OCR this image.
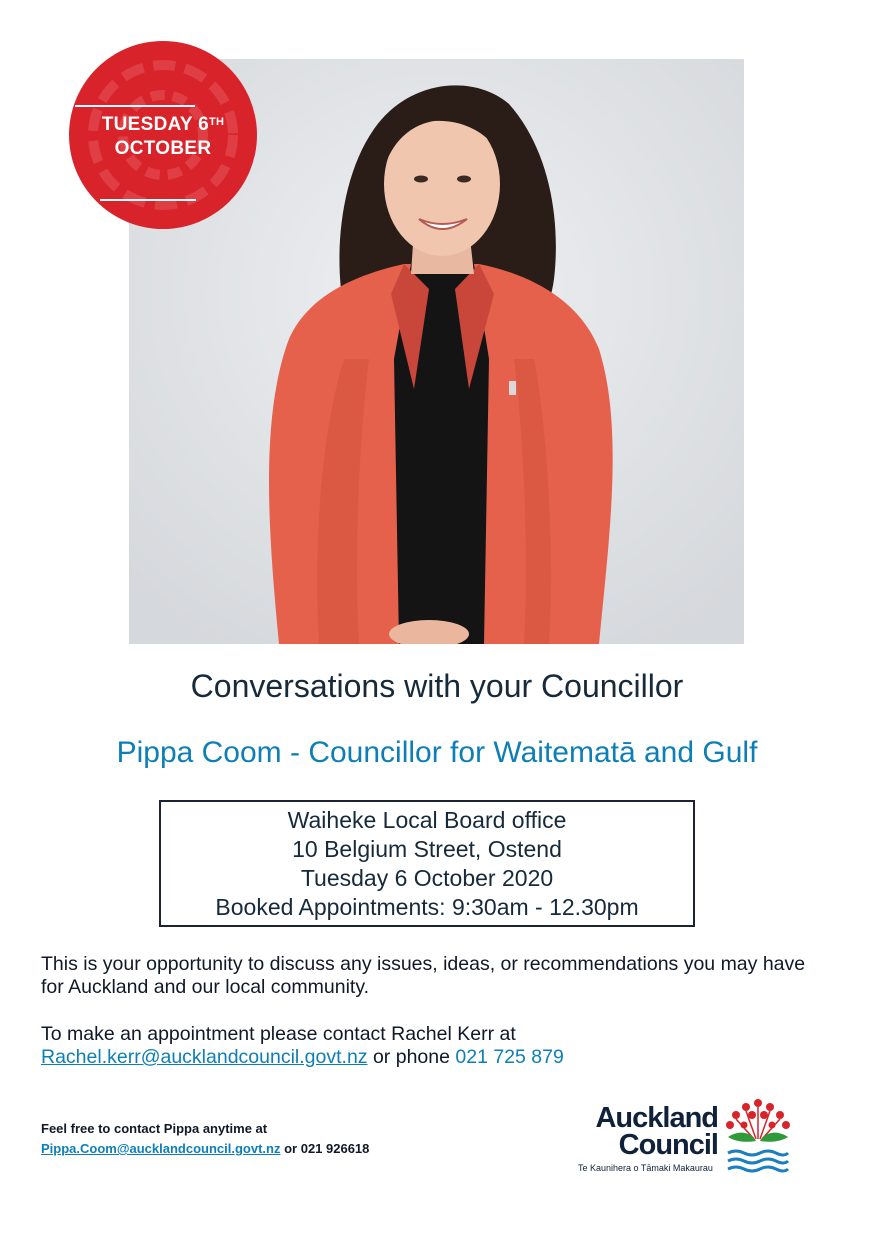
TUESDAY 6TH
OCTOBER
Conversations with your Councillor
Pippa Coom - Councillor for Waitematā and Gulf
Waiheke Local Board office
10 Belgium Street, Ostend
Tuesday 6 October 2020
Booked Appointments: 9:30am - 12.30pm

This is your opportunity to discuss any issues, ideas, or recommendations you may have for Auckland and our local community.

To make an appointment please contact Rachel Kerr at
Rachel.kerr@aucklandcouncil.govt.nz or phone 021 725 879

Feel free to contact Pippa anytime at
Pippa.Coom@aucklandcouncil.govt.nz or 021 926618
Auckland
Council
Te Kaunihera o Tāmaki Makaurau
